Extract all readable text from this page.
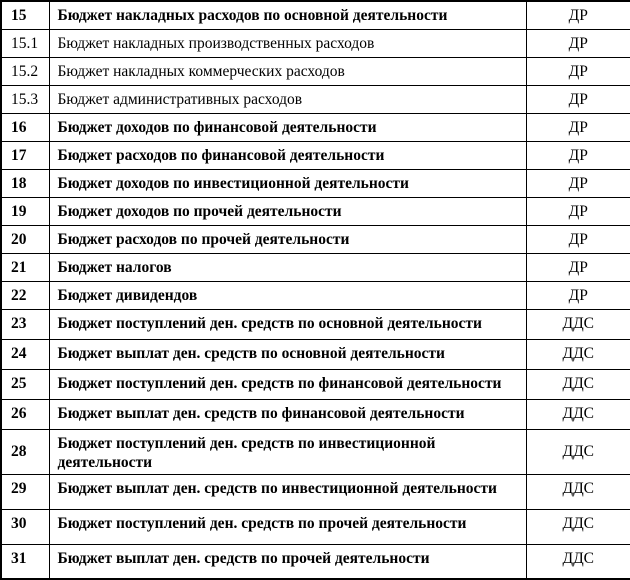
15	Бюджет накладных расходов по основной деятельности	ДР
15.1	Бюджет накладных производственных расходов	ДР
15.2	Бюджет накладных коммерческих расходов	ДР
15.3	Бюджет административных расходов	ДР
16	Бюджет доходов по финансовой деятельности	ДР
17	Бюджет расходов по финансовой деятельности	ДР
18	Бюджет доходов по инвестиционной деятельности	ДР
19	Бюджет доходов по прочей деятельности	ДР
20	Бюджет расходов по прочей деятельности	ДР
21	Бюджет налогов	ДР
22	Бюджет дивидендов	ДР
23	Бюджет поступлений ден. средств по основной деятельности	ДДС
24	Бюджет выплат ден. средств по основной деятельности	ДДС
25	Бюджет поступлений ден. средств по финансовой деятельности	ДДС
26	Бюджет выплат ден. средств по финансовой деятельности	ДДС
28	Бюджет поступлений ден. средств по инвестиционной деятельности	ДДС
29	Бюджет выплат ден. средств по инвестиционной деятельности	ДДС
30	Бюджет поступлений ден. средств по прочей деятельности	ДДС
31	Бюджет выплат ден. средств по прочей деятельности	ДДС
